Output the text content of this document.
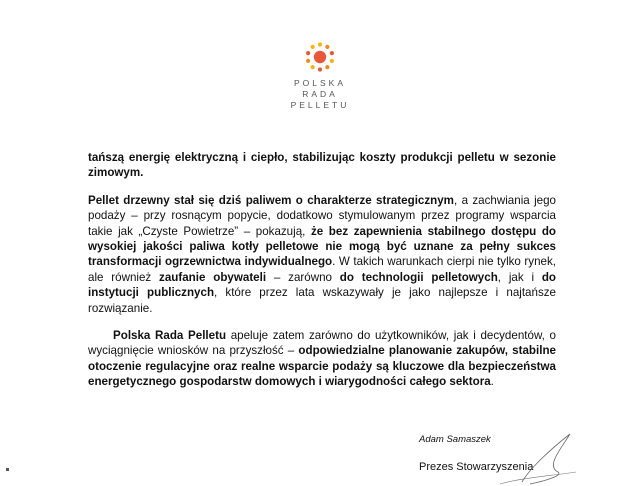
POLSKA
RADA
PELLETU

tańszą energię elektryczną i ciepło, stabilizując koszty produkcji pelletu w sezonie zimowym.

Pellet drzewny stał się dziś paliwem o charakterze strategicznym, a zachwiania jego podaży – przy rosnącym popycie, dodatkowo stymulowanym przez programy wsparcia takie jak „Czyste Powietrze” – pokazują, że bez zapewnienia stabilnego dostępu do wysokiej jakości paliwa kotły pelletowe nie mogą być uznane za pełny sukces transformacji ogrzewnictwa indywidualnego. W takich warunkach cierpi nie tylko rynek, ale również zaufanie obywateli – zarówno do technologii pelletowych, jak i do instytucji publicznych, które przez lata wskazywały je jako najlepsze i najtańsze rozwiązanie.

Polska Rada Pelletu apeluje zatem zarówno do użytkowników, jak i decydentów, o wyciągnięcie wniosków na przyszłość – odpowiedzialne planowanie zakupów, stabilne otoczenie regulacyjne oraz realne wsparcie podaży są kluczowe dla bezpieczeństwa energetycznego gospodarstw domowych i wiarygodności całego sektora.

Adam Samaszek
Prezes Stowarzyszenia
